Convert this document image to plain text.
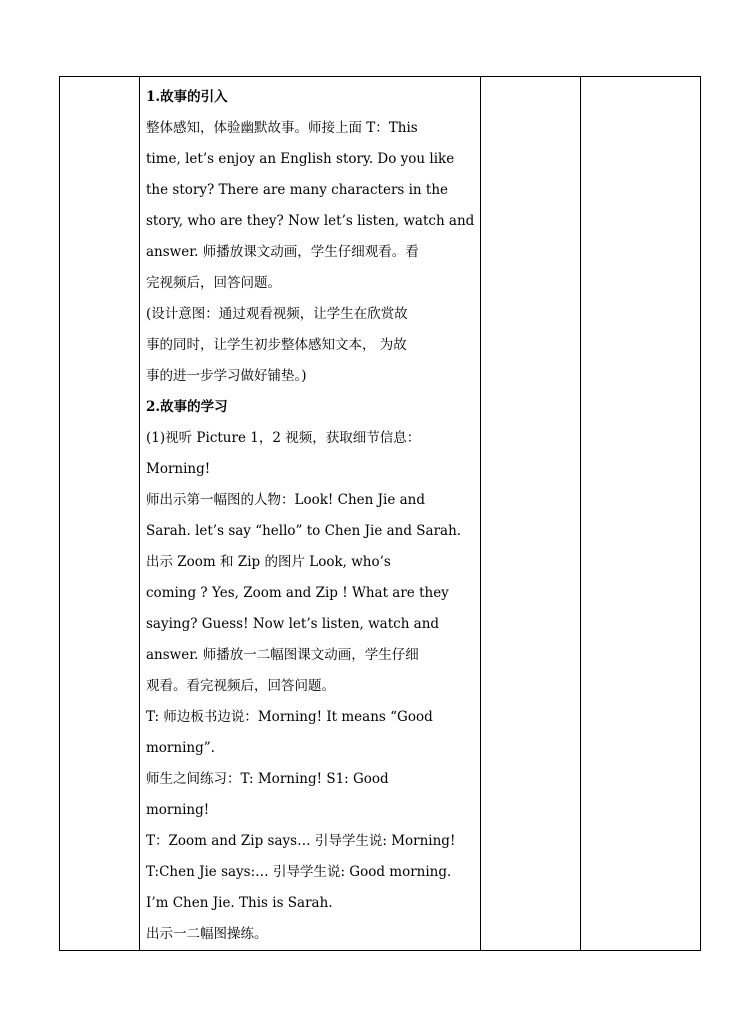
1.故事的引入

整体感知，体验幽默故事。师接上面 T：This

time, let’s enjoy an English story. Do you like

the story? There are many characters in the

story, who are they? Now let’s listen, watch and

answer. 师播放课文动画，学生仔细观看。看

完视频后，回答问题。

(设计意图：通过观看视频，让学生在欣赏故

事的同时，让学生初步整体感知文本， 为故

事的进一步学习做好铺垫。)

2.故事的学习

(1)视听 Picture 1，2 视频，获取细节信息：

Morning!

师出示第一幅图的人物：Look! Chen Jie and

Sarah. let’s say “hello” to Chen Jie and Sarah.

出示 Zoom 和 Zip 的图片 Look, who’s

coming ? Yes, Zoom and Zip ! What are they

saying? Guess! Now let’s listen, watch and

answer. 师播放一二幅图课文动画，学生仔细

观看。看完视频后，回答问题。

T: 师边板书边说：Morning! It means “Good

morning”.

师生之间练习：T: Morning! S1: Good

morning!

T：Zoom and Zip says… 引导学生说: Morning!

T:Chen Jie says:… 引导学生说: Good morning.

I’m Chen Jie. This is Sarah.

出示一二幅图操练。
